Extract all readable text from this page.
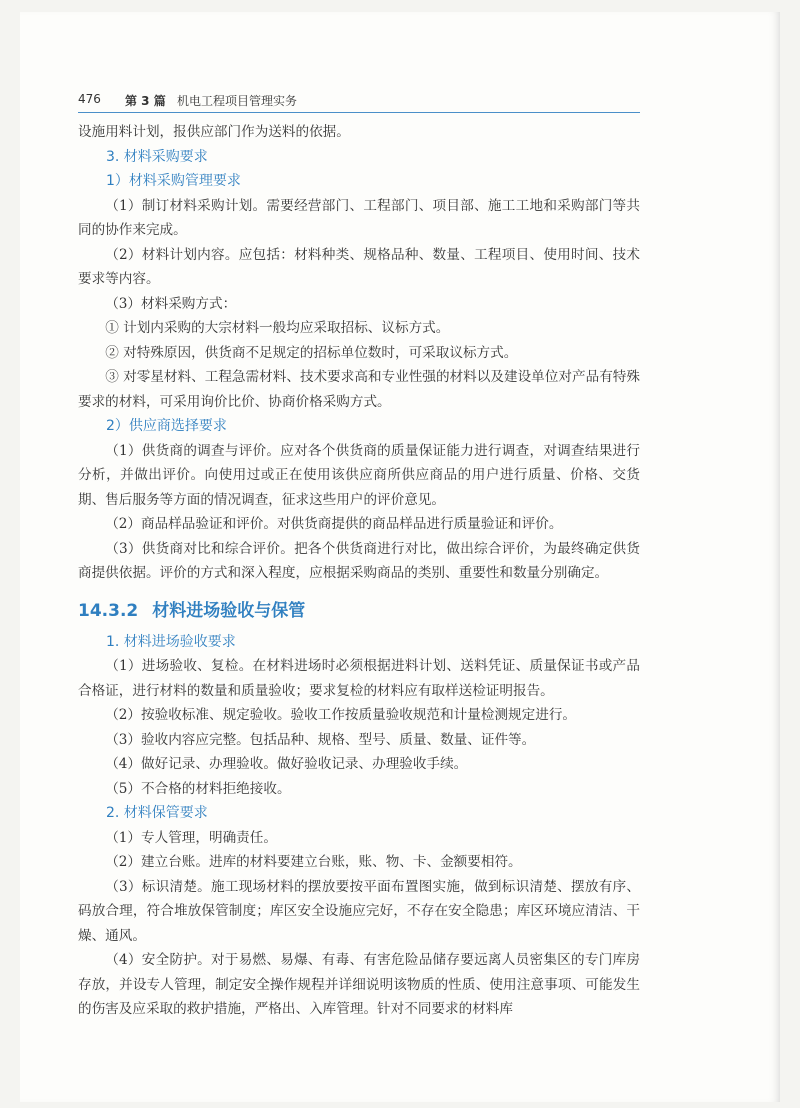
476 第 3 篇 机电工程项目管理实务

设施用料计划，报供应部门作为送料的依据。

3. 材料采购要求
1）材料采购管理要求

（1）制订材料采购计划。需要经营部门、工程部门、项目部、施工工地和采购部门等共同的协作来完成。

（2）材料计划内容。应包括：材料种类、规格品种、数量、工程项目、使用时间、技术要求等内容。

（3）材料采购方式：

① 计划内采购的大宗材料一般均应采取招标、议标方式。

② 对特殊原因，供货商不足规定的招标单位数时，可采取议标方式。

③ 对零星材料、工程急需材料、技术要求高和专业性强的材料以及建设单位对产品有特殊要求的材料，可采用询价比价、协商价格采购方式。

2）供应商选择要求

（1）供货商的调查与评价。应对各个供货商的质量保证能力进行调查，对调查结果进行分析，并做出评价。向使用过或正在使用该供应商所供应商品的用户进行质量、价格、交货期、售后服务等方面的情况调查，征求这些用户的评价意见。

（2）商品样品验证和评价。对供货商提供的商品样品进行质量验证和评价。

（3）供货商对比和综合评价。把各个供货商进行对比，做出综合评价，为最终确定供货商提供依据。评价的方式和深入程度，应根据采购商品的类别、重要性和数量分别确定。

14.3.2 材料进场验收与保管
1. 材料进场验收要求

（1）进场验收、复检。在材料进场时必须根据进料计划、送料凭证、质量保证书或产品合格证，进行材料的数量和质量验收；要求复检的材料应有取样送检证明报告。

（2）按验收标准、规定验收。验收工作按质量验收规范和计量检测规定进行。

（3）验收内容应完整。包括品种、规格、型号、质量、数量、证件等。

（4）做好记录、办理验收。做好验收记录、办理验收手续。

（5）不合格的材料拒绝接收。

2. 材料保管要求

（1）专人管理，明确责任。

（2）建立台账。进库的材料要建立台账，账、物、卡、金额要相符。

（3）标识清楚。施工现场材料的摆放要按平面布置图实施，做到标识清楚、摆放有序、码放合理，符合堆放保管制度；库区安全设施应完好，不存在安全隐患；库区环境应清洁、干燥、通风。

（4）安全防护。对于易燃、易爆、有毒、有害危险品储存要远离人员密集区的专门库房存放，并设专人管理，制定安全操作规程并详细说明该物质的性质、使用注意事项、可能发生的伤害及应采取的救护措施，严格出、入库管理。针对不同要求的材料库
